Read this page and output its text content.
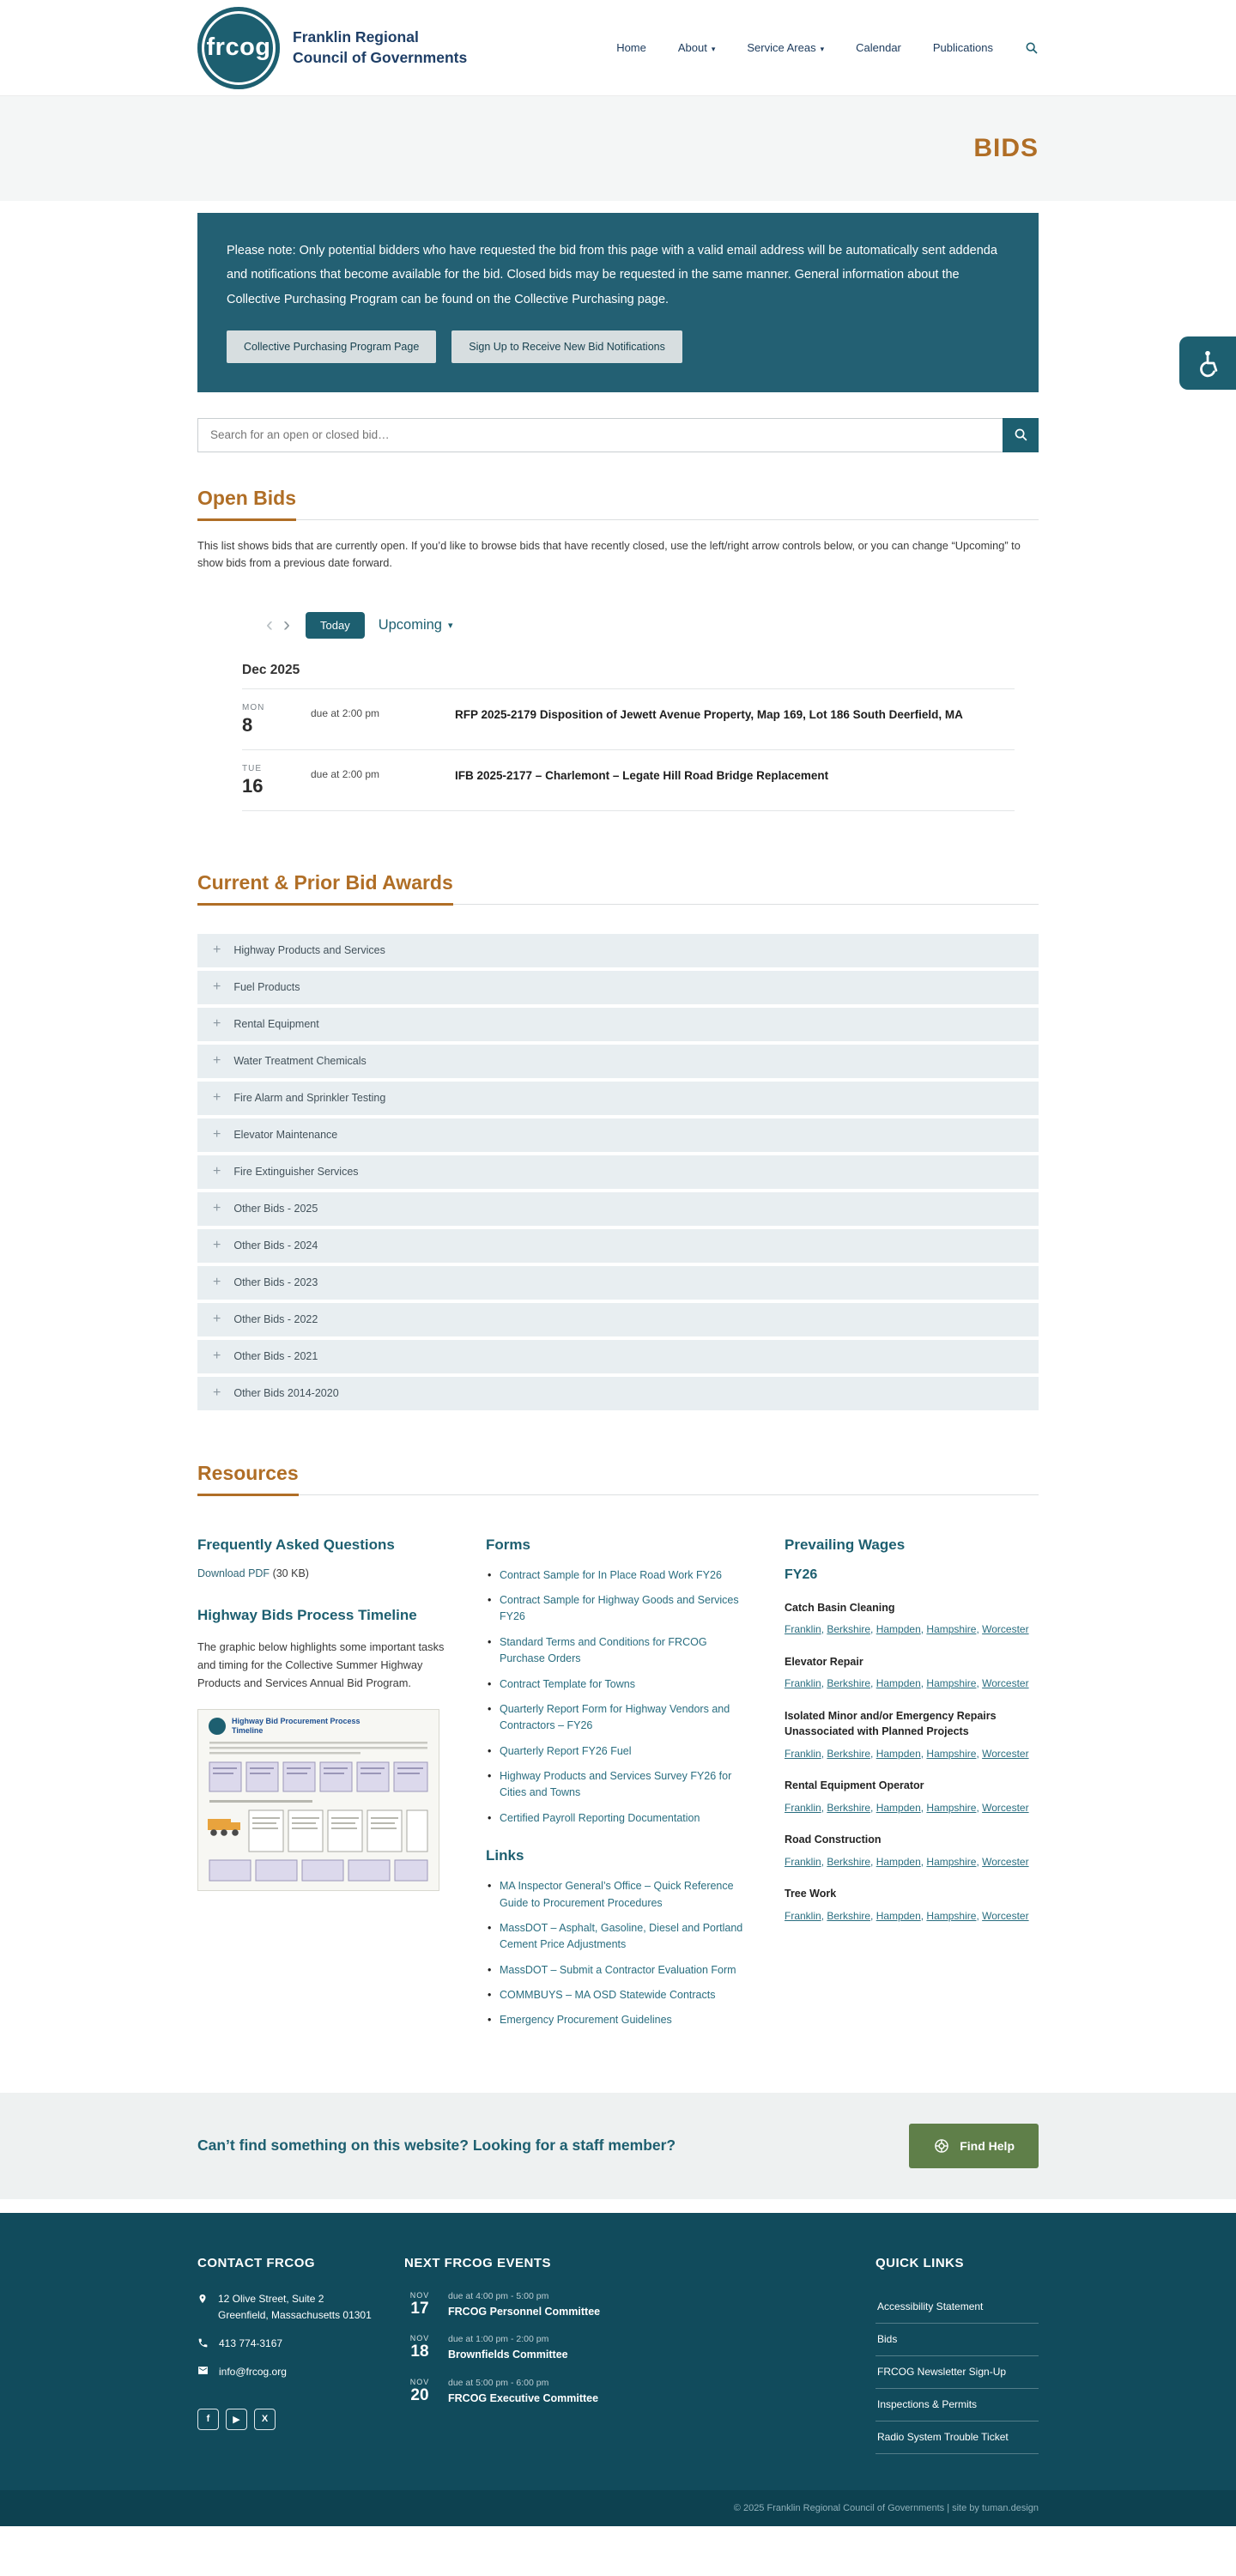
frcog Franklin Regional
Council of Governments
Home	About ▾	Service Areas ▾	Calendar	Publications
BIDS

Please note: Only potential bidders who have requested the bid from this page with a valid email address will be automatically sent addenda and notifications that become available for the bid. Closed bids may be requested in the same manner. General information about the Collective Purchasing Program can be found on the Collective Purchasing page.

Collective Purchasing Program Page	Sign Up to Receive New Bid Notifications
Search for an open or closed bid…
Open Bids

This list shows bids that are currently open. If you’d like to browse bids that have recently closed, use the left/right arrow controls below, or you can change “Upcoming” to show bids from a previous date forward.

‹ ›	Today	Upcoming ▾
Dec 2025
MON
8
due at 2:00 pm	RFP 2025-2179 Disposition of Jewett Avenue Property, Map 169, Lot 186 South Deerfield, MA
TUE
16
due at 2:00 pm	IFB 2025-2177 – Charlemont – Legate Hill Road Bridge Replacement
Current & Prior Bid Awards
+ Highway Products and Services
+ Fuel Products
+ Rental Equipment
+ Water Treatment Chemicals
+ Fire Alarm and Sprinkler Testing
+ Elevator Maintenance
+ Fire Extinguisher Services
+ Other Bids - 2025
+ Other Bids - 2024
+ Other Bids - 2023
+ Other Bids - 2022
+ Other Bids - 2021
+ Other Bids 2014-2020
Resources
Frequently Asked Questions

Download PDF (30 KB)

Highway Bids Process Timeline

The graphic below highlights some important tasks and timing for the Collective Summer Highway Products and Services Annual Bid Program.

Highway Bid Procurement Process
Timeline
Forms
• Contract Sample for In Place Road Work FY26
• Contract Sample for Highway Goods and Services FY26
• Standard Terms and Conditions for FRCOG Purchase Orders
• Contract Template for Towns
• Quarterly Report Form for Highway Vendors and Contractors – FY26
• Quarterly Report FY26 Fuel
• Highway Products and Services Survey FY26 for Cities and Towns
• Certified Payroll Reporting Documentation
Links
• MA Inspector General’s Office – Quick Reference Guide to Procurement Procedures
• MassDOT – Asphalt, Gasoline, Diesel and Portland Cement Price Adjustments
• MassDOT – Submit a Contractor Evaluation Form
• COMMBUYS – MA OSD Statewide Contracts
• Emergency Procurement Guidelines
Prevailing Wages
FY26
Catch Basin Cleaning

Franklin , Berkshire , Hampden , Hampshire , Worcester

Elevator Repair

Franklin , Berkshire , Hampden , Hampshire , Worcester

Isolated Minor and/or Emergency Repairs Unassociated with Planned Projects

Franklin , Berkshire , Hampden , Hampshire , Worcester

Rental Equipment Operator

Franklin , Berkshire , Hampden , Hampshire , Worcester

Road Construction

Franklin , Berkshire , Hampden , Hampshire , Worcester

Tree Work

Franklin , Berkshire , Hampden , Hampshire , Worcester

Can’t find something on this website? Looking for a staff member?	Find Help
CONTACT FRCOG
12 Olive Street, Suite 2
Greenfield, Massachusetts 01301
413 774-3167
info@frcog.org
f	▶	X
NEXT FRCOG EVENTS
NOV
17
due at 4:00 pm - 5:00 pm
FRCOG Personnel Committee
NOV
18
due at 1:00 pm - 2:00 pm
Brownfields Committee
NOV
20
due at 5:00 pm - 6:00 pm
FRCOG Executive Committee
QUICK LINKS
Accessibility Statement
Bids
FRCOG Newsletter Sign-Up
Inspections & Permits
Radio System Trouble Ticket
© 2025 Franklin Regional Council of Governments | site by tuman.design
